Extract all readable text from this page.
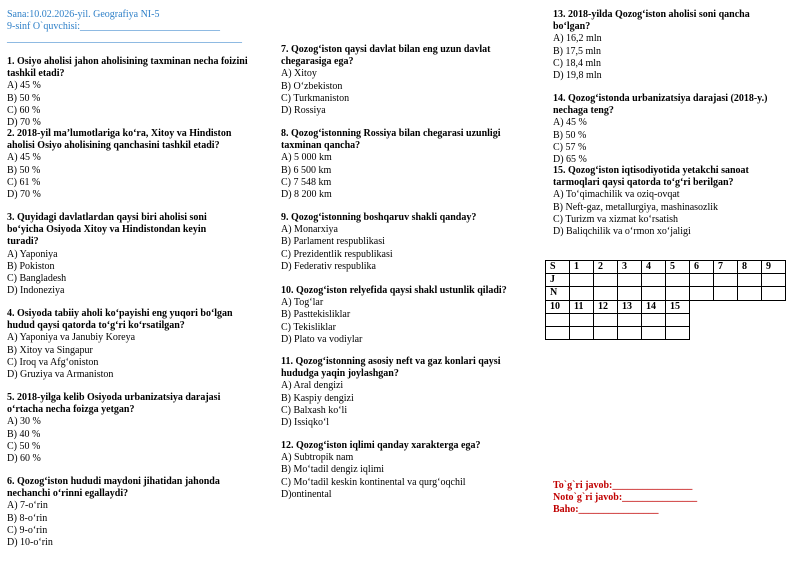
Sana:10.02.2026-yil. Geografiya NI-5
9-sinf O`quvchisi:____________________________
_______________________________________________
1. Osiyo aholisi jahon aholisining taxminan necha foizini tashkil etadi?
A) 45 %
B) 50 %
C) 60 %
D) 70 %
2. 2018-yil ma’lumotlariga ko‘ra, Xitoy va Hindiston aholisi Osiyo aholisining qanchasini tashkil etadi?
A) 45 %
B) 50 %
C) 61 %
D) 70 %
3. Quyidagi davlatlardan qaysi biri aholisi soni bo‘yicha Osiyoda Xitoy va Hindistondan keyin turadi?
A) Yaponiya
B) Pokiston
C) Bangladesh
D) Indoneziya
4. Osiyoda tabiiy aholi ko‘payishi eng yuqori bo‘lgan hudud qaysi qatorda to‘g‘ri ko‘rsatilgan?
A) Yaponiya va Janubiy Koreya
B) Xitoy va Singapur
C) Iroq va Afg‘oniston
D) Gruziya va Armaniston
5. 2018-yilga kelib Osiyoda urbanizatsiya darajasi o‘rtacha necha foizga yetgan?
A) 30 %
B) 40 %
C) 50 %
D) 60 %
6. Qozog‘iston hududi maydoni jihatidan jahonda nechanchi o‘rinni egallaydi?
A) 7-o‘rin
B) 8-o‘rin
C) 9-o‘rin
D) 10-o‘rin
7. Qozog‘iston qaysi davlat bilan eng uzun davlat chegarasiga ega?
A) Xitoy
B) O‘zbekiston
C) Turkmaniston
D) Rossiya
8. Qozog‘istonning Rossiya bilan chegarasi uzunligi taxminan qancha?
A) 5 000 km
B) 6 500 km
C) 7 548 km
D) 8 200 km
9. Qozog‘istonning boshqaruv shakli qanday?
A) Monarxiya
B) Parlament respublikasi
C) Prezidentlik respublikasi
D) Federativ respublika
10. Qozog‘iston relyefida qaysi shakl ustunlik qiladi?
A) Tog‘lar
B) Pasttekisliklar
C) Tekisliklar
D) Plato va vodiylar
11. Qozog‘istonning asosiy neft va gaz konlari qaysi hududga yaqin joylashgan?
A) Aral dengizi
B) Kaspiy dengizi
C) Balxash ko‘li
D) Issiqko‘l
12. Qozog‘iston iqlimi qanday xarakterga ega?
A) Subtropik nam
B) Mo‘tadil dengiz iqlimi
C) Mo‘tadil keskin kontinental va qurg‘oqchil
D)ontinental
13. 2018-yilda Qozog‘iston aholisi soni qancha bo‘lgan?
A) 16,2 mln
B) 17,5 mln
C) 18,4 mln
D) 19,8 mln
14. Qozog‘istonda urbanizatsiya darajasi (2018-y.) nechaga teng?
A) 45 %
B) 50 %
C) 57 %
D) 65 %
15. Qozog‘iston iqtisodiyotida yetakchi sanoat tarmoqlari qaysi qatorda to‘g‘ri berilgan?
A) To‘qimachilik va oziq-ovqat
B) Neft-gaz, metallurgiya, mashinasozlik
C) Turizm va xizmat ko‘rsatish
D) Baliqchilik va o‘rmon xo‘jaligi
To`g`ri javob:________________
Noto`g`ri javob:_______________
Baho:________________
S	1	2	3	4	5	6	7	8	9
J									
N									
10	11	12	13	14	15
